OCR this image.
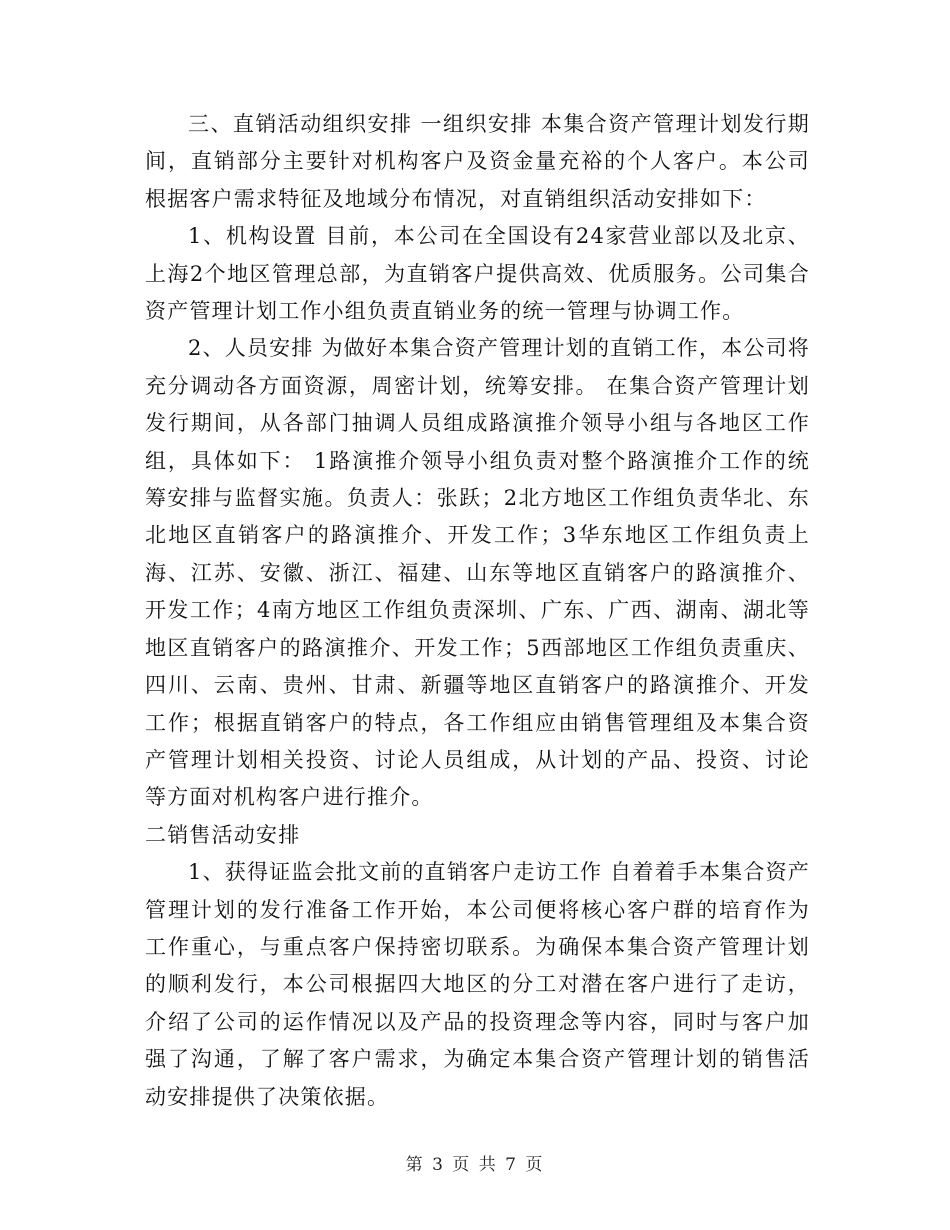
三、直销活动组织安排 一组织安排 本集合资产管理计划发行期间，直销部分主要针对机构客户及资金量充裕的个人客户。本公司根据客户需求特征及地域分布情况，对直销组织活动安排如下：

1、机构设置 目前，本公司在全国设有24家营业部以及北京、上海2个地区管理总部，为直销客户提供高效、优质服务。公司集合资产管理计划工作小组负责直销业务的统一管理与协调工作。

2、人员安排 为做好本集合资产管理计划的直销工作，本公司将充分调动各方面资源，周密计划，统筹安排。 在集合资产管理计划发行期间，从各部门抽调人员组成路演推介领导小组与各地区工作组，具体如下： 1路演推介领导小组负责对整个路演推介工作的统筹安排与监督实施。负责人：张跃；2北方地区工作组负责华北、东北地区直销客户的路演推介、开发工作；3华东地区工作组负责上海、江苏、安徽、浙江、福建、山东等地区直销客户的路演推介、开发工作；4南方地区工作组负责深圳、广东、广西、湖南、湖北等地区直销客户的路演推介、开发工作；5西部地区工作组负责重庆、四川、云南、贵州、甘肃、新疆等地区直销客户的路演推介、开发工作；根据直销客户的特点，各工作组应由销售管理组及本集合资产管理计划相关投资、讨论人员组成，从计划的产品、投资、讨论等方面对机构客户进行推介。

二销售活动安排

1、获得证监会批文前的直销客户走访工作 自着着手本集合资产管理计划的发行准备工作开始，本公司便将核心客户群的培育作为工作重心，与重点客户保持密切联系。为确保本集合资产管理计划的顺利发行，本公司根据四大地区的分工对潜在客户进行了走访，介绍了公司的运作情况以及产品的投资理念等内容，同时与客户加强了沟通，了解了客户需求，为确定本集合资产管理计划的销售活动安排提供了决策依据。

第 3 页 共 7 页
